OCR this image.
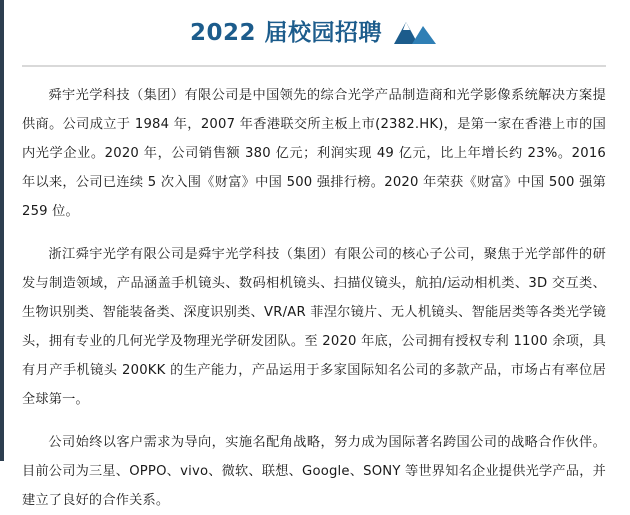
2022 届校园招聘

舜宇光学科技（集团）有限公司是中国领先的综合光学产品制造商和光学影像系统解决方案提供商。公司成立于 1984 年，2007 年香港联交所主板上市(2382.HK)，是第一家在香港上市的国内光学企业。2020 年，公司销售额 380 亿元；利润实现 49 亿元，比上年增长约 23%。2016 年以来，公司已连续 5 次入围《财富》中国 500 强排行榜。2020 年荣获《财富》中国 500 强第 259 位。

浙江舜宇光学有限公司是舜宇光学科技（集团）有限公司的核心子公司，聚焦于光学部件的研发与制造领域，产品涵盖手机镜头、数码相机镜头、扫描仪镜头，航拍/运动相机类、3D 交互类、生物识别类、智能装备类、深度识别类、VR/AR 菲涅尔镜片、无人机镜头、智能居类等各类光学镜头，拥有专业的几何光学及物理光学研发团队。至 2020 年底，公司拥有授权专利 1100 余项，具有月产手机镜头 200KK 的生产能力，产品运用于多家国际知名公司的多款产品，市场占有率位居全球第一。

公司始终以客户需求为导向，实施名配角战略，努力成为国际著名跨国公司的战略合作伙伴。目前公司为三星、OPPO、vivo、微软、联想、Google、SONY 等世界知名企业提供光学产品，并建立了良好的合作关系。
